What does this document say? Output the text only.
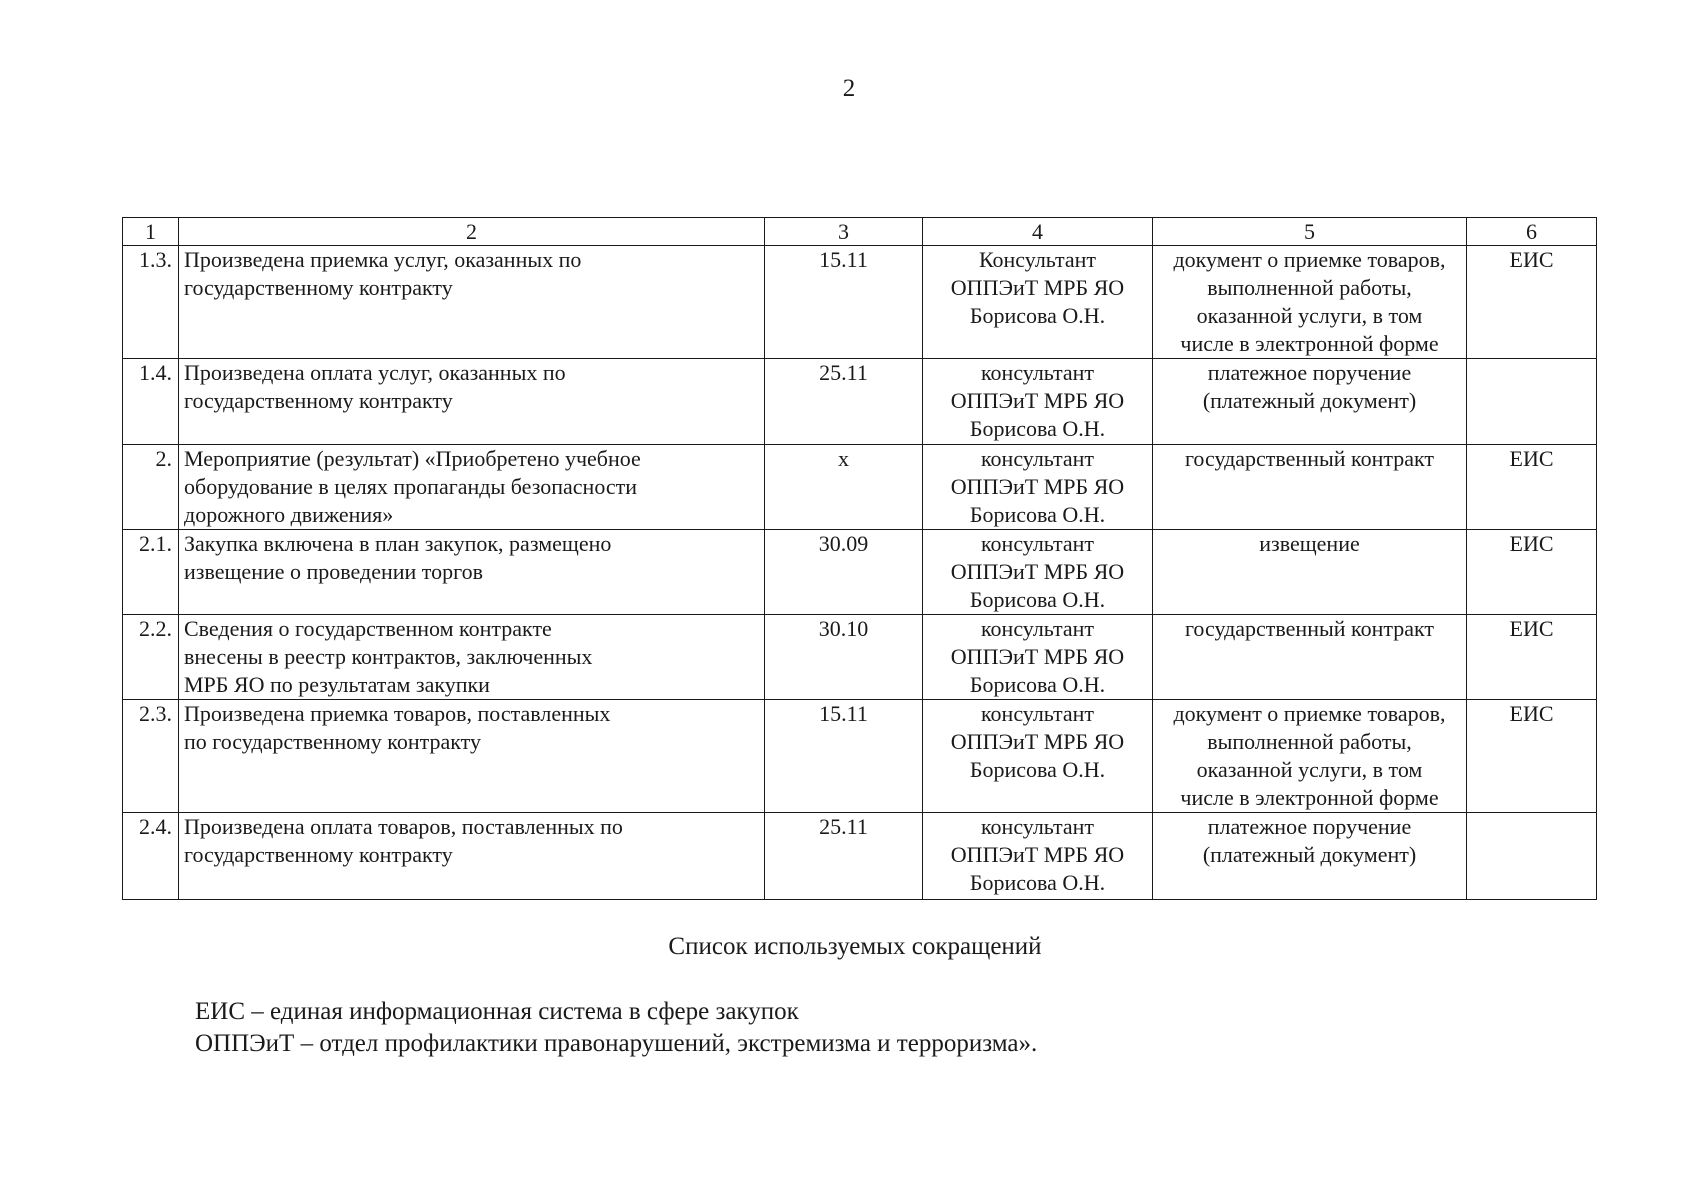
2
1	2	3	4	5	6
1.3.	Произведена приемка услуг, оказанных по
государственному контракту	15.11	Консультант
ОППЭиТ МРБ ЯО
Борисова О.Н.	документ о приемке товаров,
выполненной работы,
оказанной услуги, в том
числе в электронной форме	ЕИС
1.4.	Произведена оплата услуг, оказанных по
государственному контракту	25.11	консультант
ОППЭиТ МРБ ЯО
Борисова О.Н.	платежное поручение
(платежный документ)	
2.	Мероприятие (результат) «Приобретено учебное
оборудование в целях пропаганды безопасности
дорожного движения»	х	консультант
ОППЭиТ МРБ ЯО
Борисова О.Н.	государственный контракт	ЕИС
2.1.	Закупка включена в план закупок, размещено
извещение о проведении торгов	30.09	консультант
ОППЭиТ МРБ ЯО
Борисова О.Н.	извещение	ЕИС
2.2.	Сведения о государственном контракте
внесены в реестр контрактов, заключенных
МРБ ЯО по результатам закупки	30.10	консультант
ОППЭиТ МРБ ЯО
Борисова О.Н.	государственный контракт	ЕИС
2.3.	Произведена приемка товаров, поставленных
по государственному контракту	15.11	консультант
ОППЭиТ МРБ ЯО
Борисова О.Н.	документ о приемке товаров,
выполненной работы,
оказанной услуги, в том
числе в электронной форме	ЕИС
2.4.	Произведена оплата товаров, поставленных по
государственному контракту	25.11	консультант
ОППЭиТ МРБ ЯО
Борисова О.Н.	платежное поручение
(платежный документ)	
Список используемых сокращений
ЕИС – единая информационная система в сфере закупок
ОППЭиТ – отдел профилактики правонарушений, экстремизма и терроризма».
